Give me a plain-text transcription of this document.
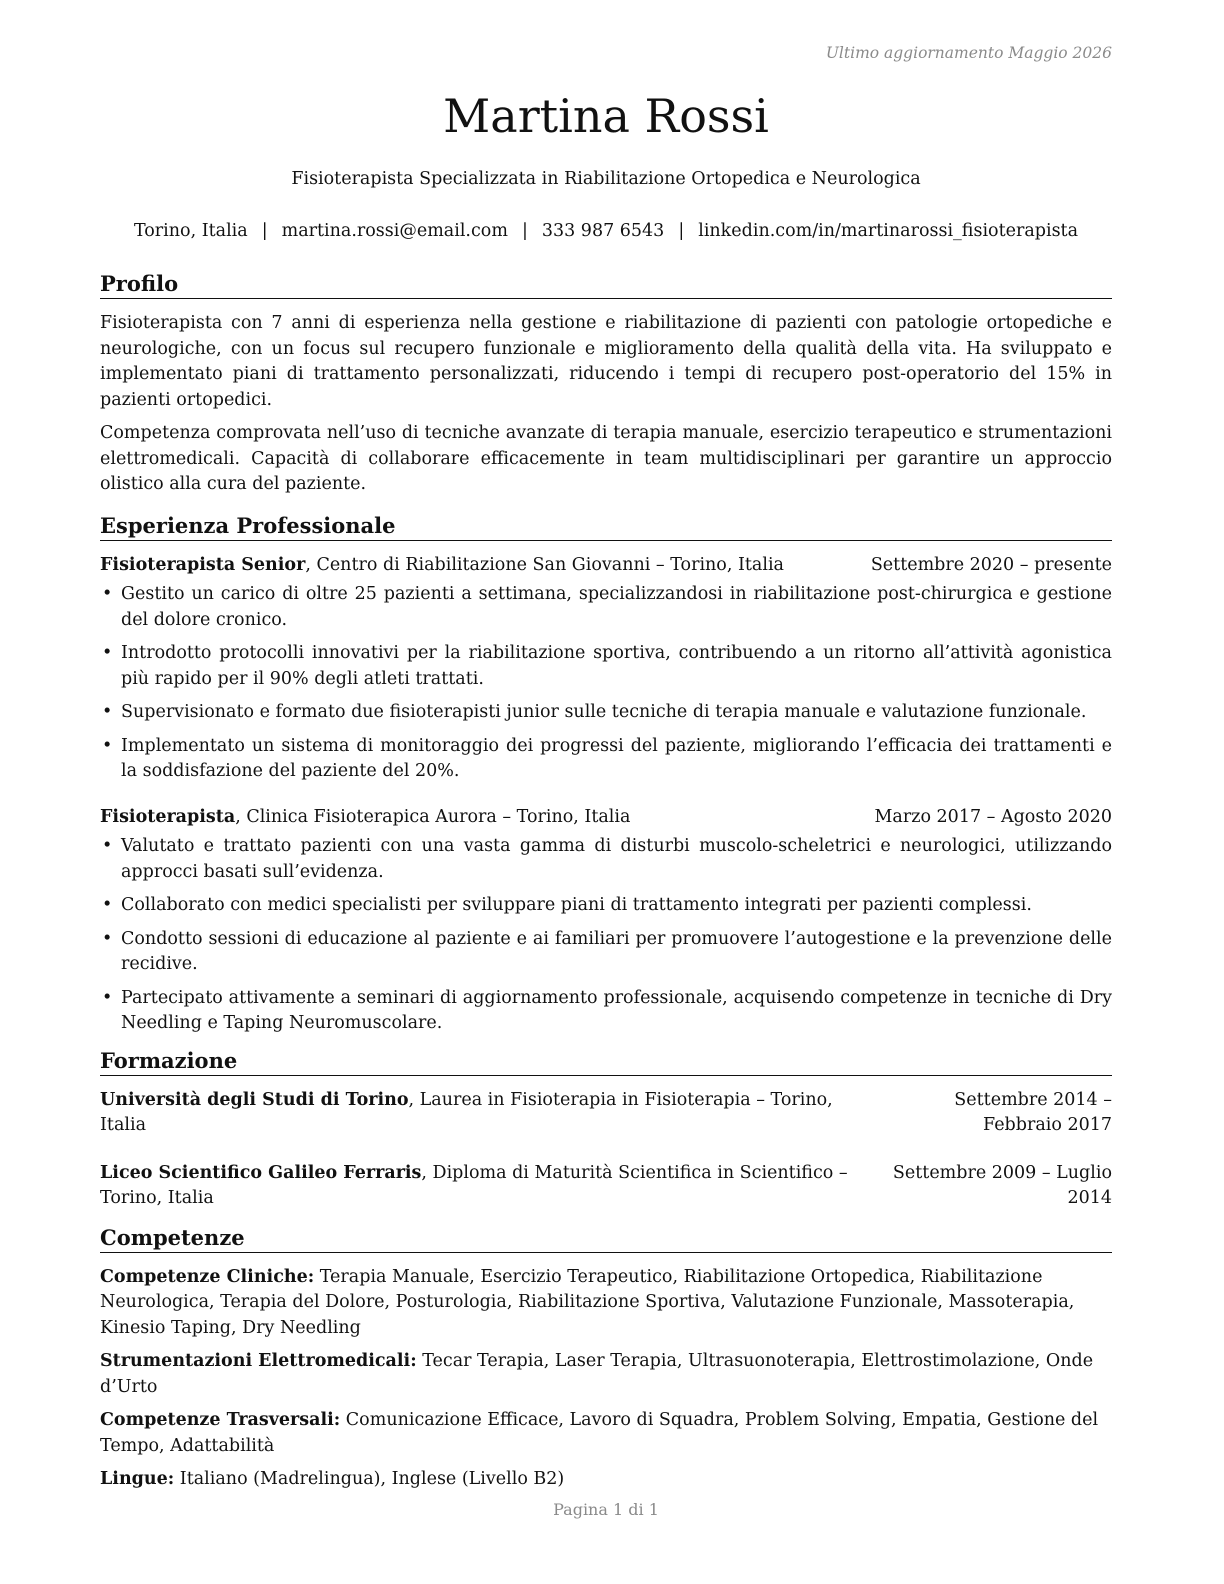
Ultimo aggiornamento Maggio 2026
Martina Rossi
Fisioterapista Specializzata in Riabilitazione Ortopedica e Neurologica
Torino, Italia | martina.rossi@email.com | 333 987 6543 | linkedin.com/in/martinarossi_fisioterapista
Profilo

Fisioterapista con 7 anni di esperienza nella gestione e riabilitazione di pazienti con patologie ortopediche e neurologiche, con un focus sul recupero funzionale e miglioramento della qualità della vita. Ha sviluppato e implementato piani di trattamento personalizzati, riducendo i tempi di recupero post-operatorio del 15% in pazienti ortopedici.

Competenza comprovata nell’uso di tecniche avanzate di terapia manuale, esercizio terapeutico e strumentazioni elettromedicali. Capacità di collaborare efficacemente in team multidisciplinari per garantire un approccio olistico alla cura del paziente.

Esperienza Professionale
Fisioterapista Senior, Centro di Riabilitazione San Giovanni – Torino, Italia	Settembre 2020 – presente
• Gestito un carico di oltre 25 pazienti a settimana, specializzandosi in riabilitazione post-chirurgica e gestione del dolore cronico.
• Introdotto protocolli innovativi per la riabilitazione sportiva, contribuendo a un ritorno all’attività agonistica più rapido per il 90% degli atleti trattati.
• Supervisionato e formato due fisioterapisti junior sulle tecniche di terapia manuale e valutazione funzionale.
• Implementato un sistema di monitoraggio dei progressi del paziente, migliorando l’efficacia dei trattamenti e la soddisfazione del paziente del 20%.
Fisioterapista, Clinica Fisioterapica Aurora – Torino, Italia	Marzo 2017 – Agosto 2020
• Valutato e trattato pazienti con una vasta gamma di disturbi muscolo-scheletrici e neurologici, utilizzando approcci basati sull’evidenza.
• Collaborato con medici specialisti per sviluppare piani di trattamento integrati per pazienti complessi.
• Condotto sessioni di educazione al paziente e ai familiari per promuovere l’autogestione e la prevenzione delle recidive.
• Partecipato attivamente a seminari di aggiornamento professionale, acquisendo competenze in tecniche di Dry Needling e Taping Neuromuscolare.
Formazione
Università degli Studi di Torino, Laurea in Fisioterapia in Fisioterapia – Torino, Italia
Settembre 2014 – Febbraio 2017
Liceo Scientifico Galileo Ferraris, Diploma di Maturità Scientifica in Scientifico – Torino, Italia
Settembre 2009 – Luglio 2014
Competenze

Competenze Cliniche: Terapia Manuale, Esercizio Terapeutico, Riabilitazione Ortopedica, Riabilitazione Neurologica, Terapia del Dolore, Posturologia, Riabilitazione Sportiva, Valutazione Funzionale, Massoterapia, Kinesio Taping, Dry Needling

Strumentazioni Elettromedicali: Tecar Terapia, Laser Terapia, Ultrasuonoterapia, Elettrostimolazione, Onde d’Urto

Competenze Trasversali: Comunicazione Efficace, Lavoro di Squadra, Problem Solving, Empatia, Gestione del Tempo, Adattabilità

Lingue: Italiano (Madrelingua), Inglese (Livello B2)

Pagina 1 di 1
